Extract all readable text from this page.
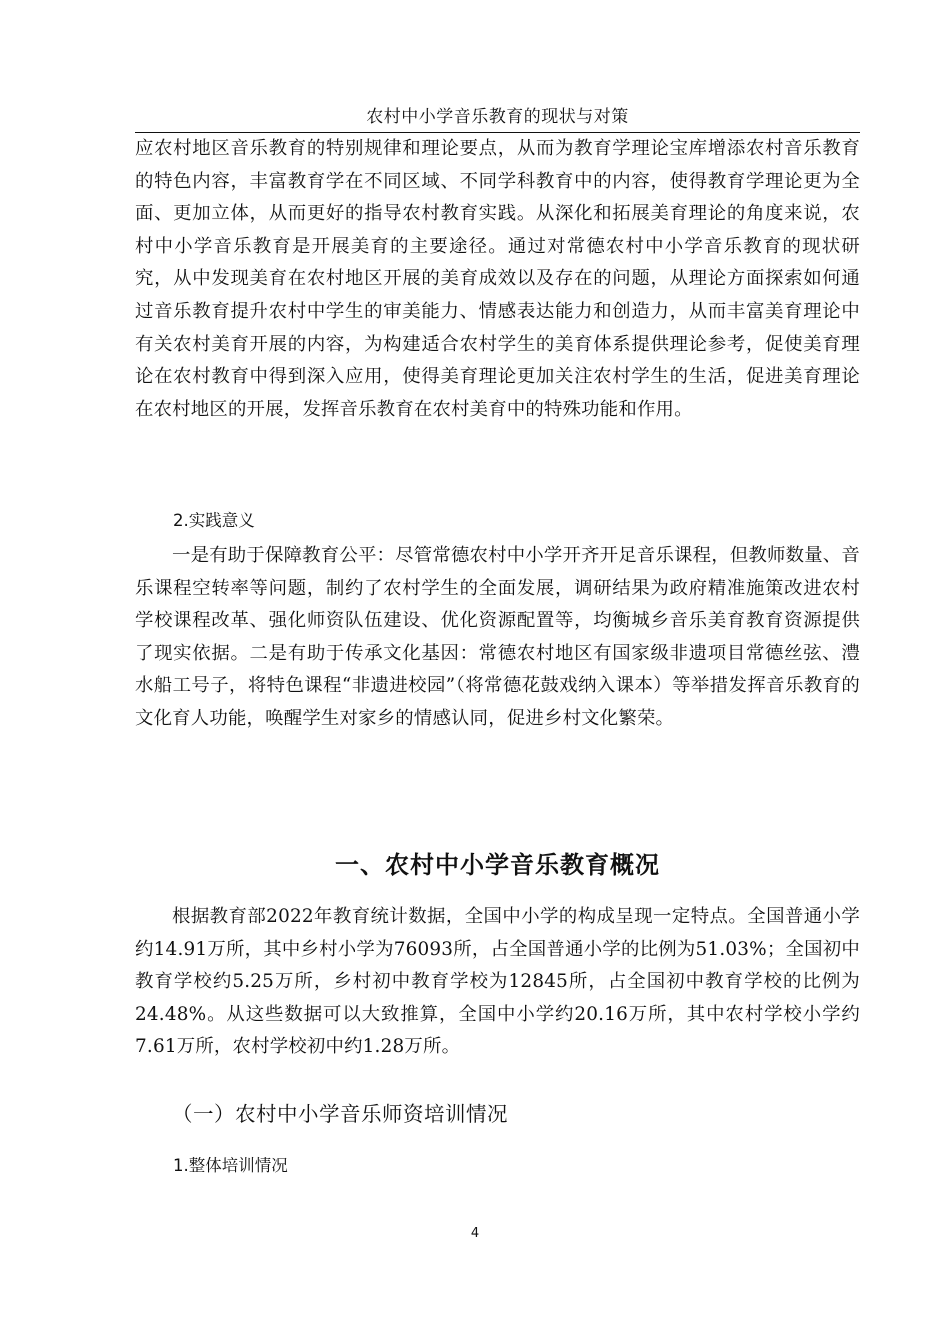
农村中小学音乐教育的现状与对策

应农村地区音乐教育的特别规律和理论要点，从而为教育学理论宝库增添农村音乐教育的特色内容，丰富教育学在不同区域、不同学科教育中的内容，使得教育学理论更为全面、更加立体，从而更好的指导农村教育实践。从深化和拓展美育理论的角度来说，农村中小学音乐教育是开展美育的主要途径。通过对常德农村中小学音乐教育的现状研究，从中发现美育在农村地区开展的美育成效以及存在的问题，从理论方面探索如何通过音乐教育提升农村中学生的审美能力、情感表达能力和创造力，从而丰富美育理论中有关农村美育开展的内容，为构建适合农村学生的美育体系提供理论参考，促使美育理论在农村教育中得到深入应用，使得美育理论更加关注农村学生的生活，促进美育理论在农村地区的开展，发挥音乐教育在农村美育中的特殊功能和作用。

2.实践意义

一是有助于保障教育公平：尽管常德农村中小学开齐开足音乐课程，但教师数量、音乐课程空转率等问题，制约了农村学生的全面发展，调研结果为政府精准施策改进农村学校课程改革、强化师资队伍建设、优化资源配置等，均衡城乡音乐美育教育资源提供了现实依据。二是有助于传承文化基因：常德农村地区有国家级非遗项目常德丝弦、澧水船工号子，将特色课程“非遗进校园”（将常德花鼓戏纳入课本）等举措发挥音乐教育的文化育人功能，唤醒学生对家乡的情感认同，促进乡村文化繁荣。

一、农村中小学音乐教育概况

根据教育部2022年教育统计数据，全国中小学的构成呈现一定特点。全国普通小学约14.91万所，其中乡村小学为76093所，占全国普通小学的比例为51.03%；全国初中教育学校约5.25万所，乡村初中教育学校为12845所，占全国初中教育学校的比例为24.48%。从这些数据可以大致推算，全国中小学约20.16万所，其中农村学校小学约7.61万所，农村学校初中约1.28万所。

（一）农村中小学音乐师资培训情况
1.整体培训情况
4
